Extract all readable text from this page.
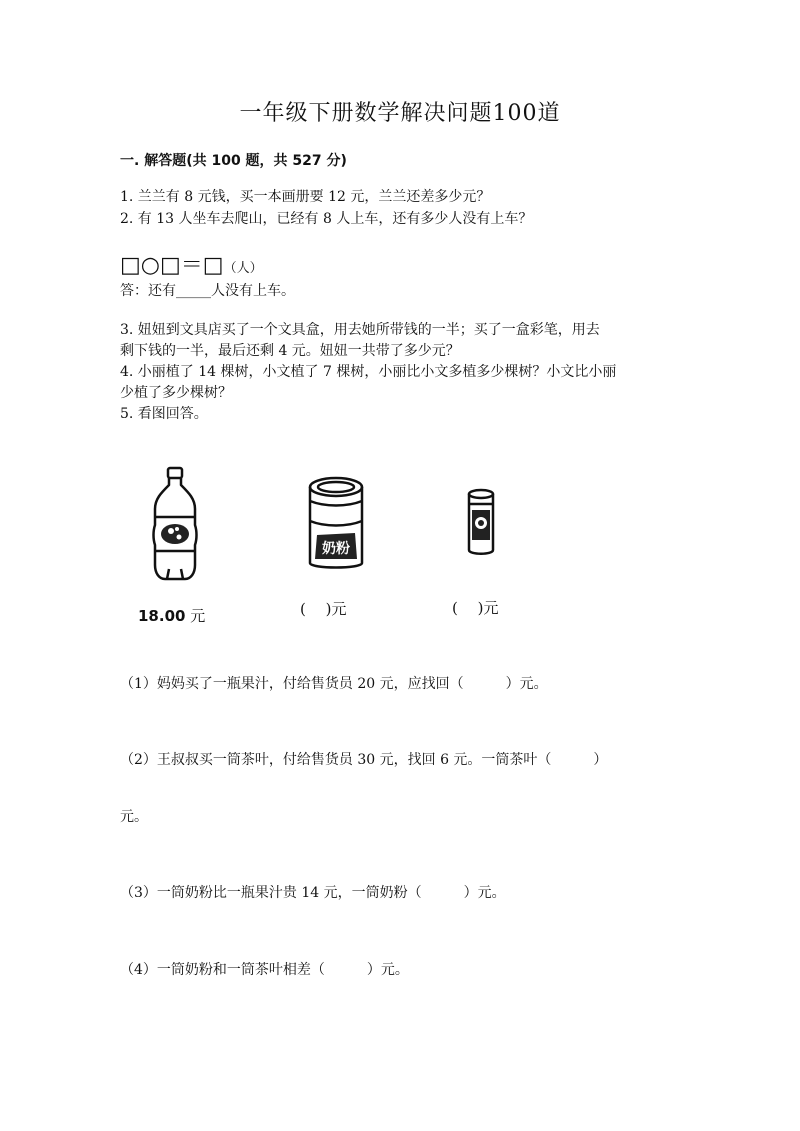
一年级下册数学解决问题100道
一. 解答题(共 100 题，共 527 分)
1. 兰兰有 8 元钱，买一本画册要 12 元，兰兰还差多少元？
2. 有 13 人坐车去爬山，已经有 8 人上车，还有多少人没有上车？
□○□＝□（人）
答：还有_____人没有上车。
3. 妞妞到文具店买了一个文具盒，用去她所带钱的一半；买了一盒彩笔，用去
剩下钱的一半，最后还剩 4 元。妞妞一共带了多少元？
4. 小丽植了 14 棵树，小文植了 7 棵树，小丽比小文多植多少棵树？小文比小丽
少植了多少棵树？
5. 看图回答。
奶粉
18.00 元	(　 )元	(　 )元
（1）妈妈买了一瓶果汁，付给售货员 20 元，应找回（　　　）元。
（2）王叔叔买一筒茶叶，付给售货员 30 元，找回 6 元。一筒茶叶（　　　）
元。
（3）一筒奶粉比一瓶果汁贵 14 元，一筒奶粉（　　　）元。
（4）一筒奶粉和一筒茶叶相差（　　　）元。
